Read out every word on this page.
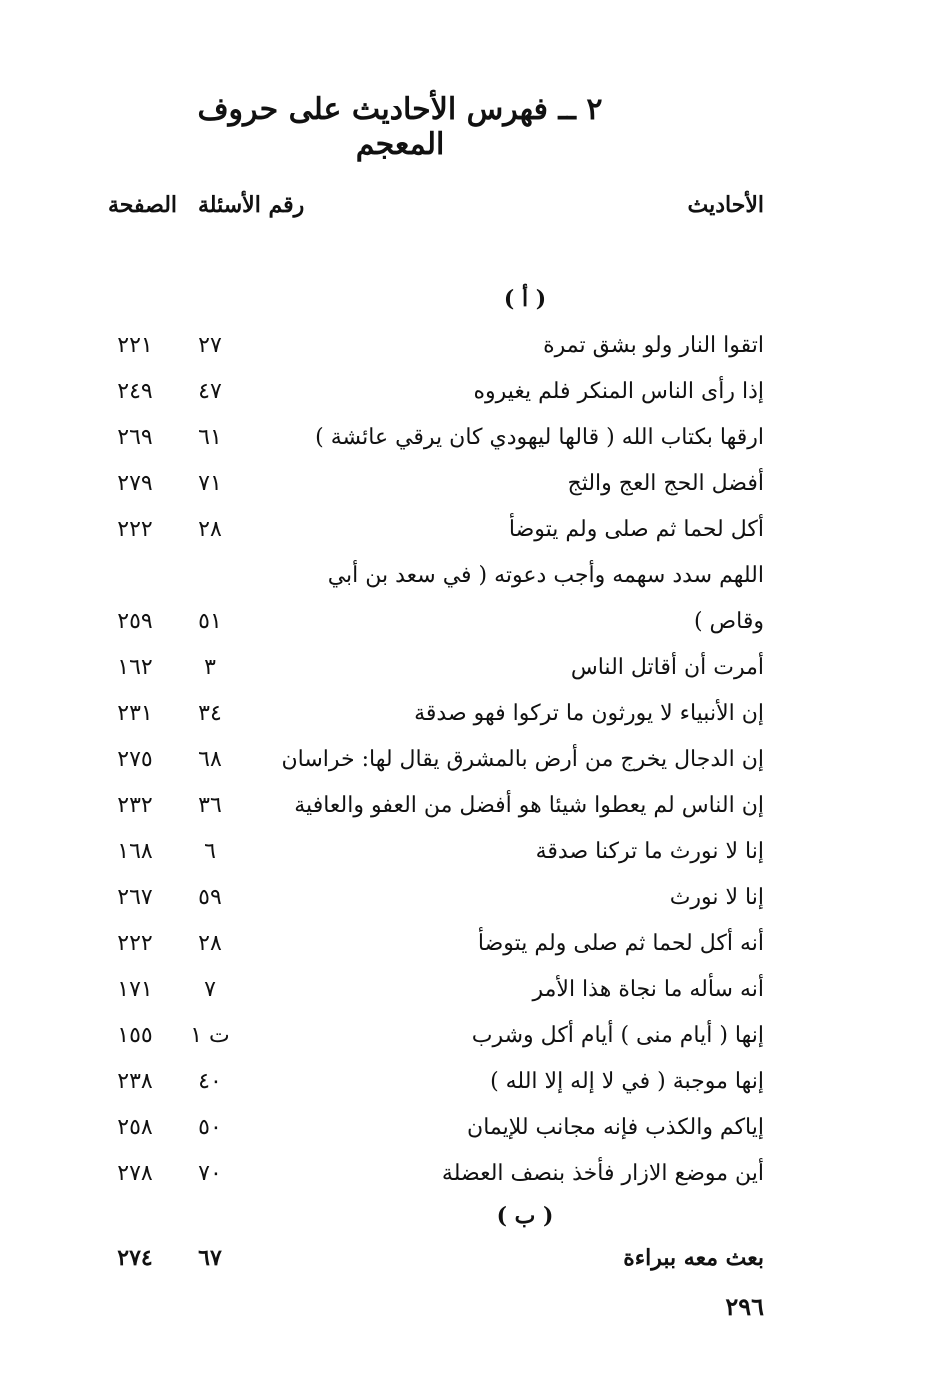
٢ ــ فهرس الأحاديث على حروف المعجم
الأحاديث
رقم الأسئلة
الصفحة
( أ )
اتقوا النار ولو بشق تمرة
٢٧
٢٢١
إذا رأى الناس المنكر فلم يغيروه
٤٧
٢٤٩
ارقها بكتاب الله ( قالها ليهودي كان يرقي عائشة )
٦١
٢٦٩
أفضل الحج العج والثج
٧١
٢٧٩
أكل لحما ثم صلى ولم يتوضأ
٢٨
٢٢٢
اللهم سدد سهمه وأجب دعوته ( في سعد بن أبي
وقاص )
٥١
٢٥٩
أمرت أن أقاتل الناس
٣
١٦٢
إن الأنبياء لا يورثون ما تركوا فهو صدقة
٣٤
٢٣١
إن الدجال يخرج من أرض بالمشرق يقال لها: خراسان
٦٨
٢٧٥
إن الناس لم يعطوا شيئا هو أفضل من العفو والعافية
٣٦
٢٣٢
إنا لا نورث ما تركنا صدقة
٦
١٦٨
إنا لا نورث
٥٩
٢٦٧
أنه أكل لحما ثم صلى ولم يتوضأ
٢٨
٢٢٢
أنه سأله ما نجاة هذا الأمر
٧
١٧١
إنها ( أيام منى ) أيام أكل وشرب
ت ١
١٥٥
إنها موجبة ( في لا إله إلا الله )
٤٠
٢٣٨
إياكم والكذب فإنه مجانب للإيمان
٥٠
٢٥٨
أين موضع الازار فأخذ بنصف العضلة
٧٠
٢٧٨
( ب )
بعث معه ببراءة
٦٧
٢٧٤
٢٩٦
